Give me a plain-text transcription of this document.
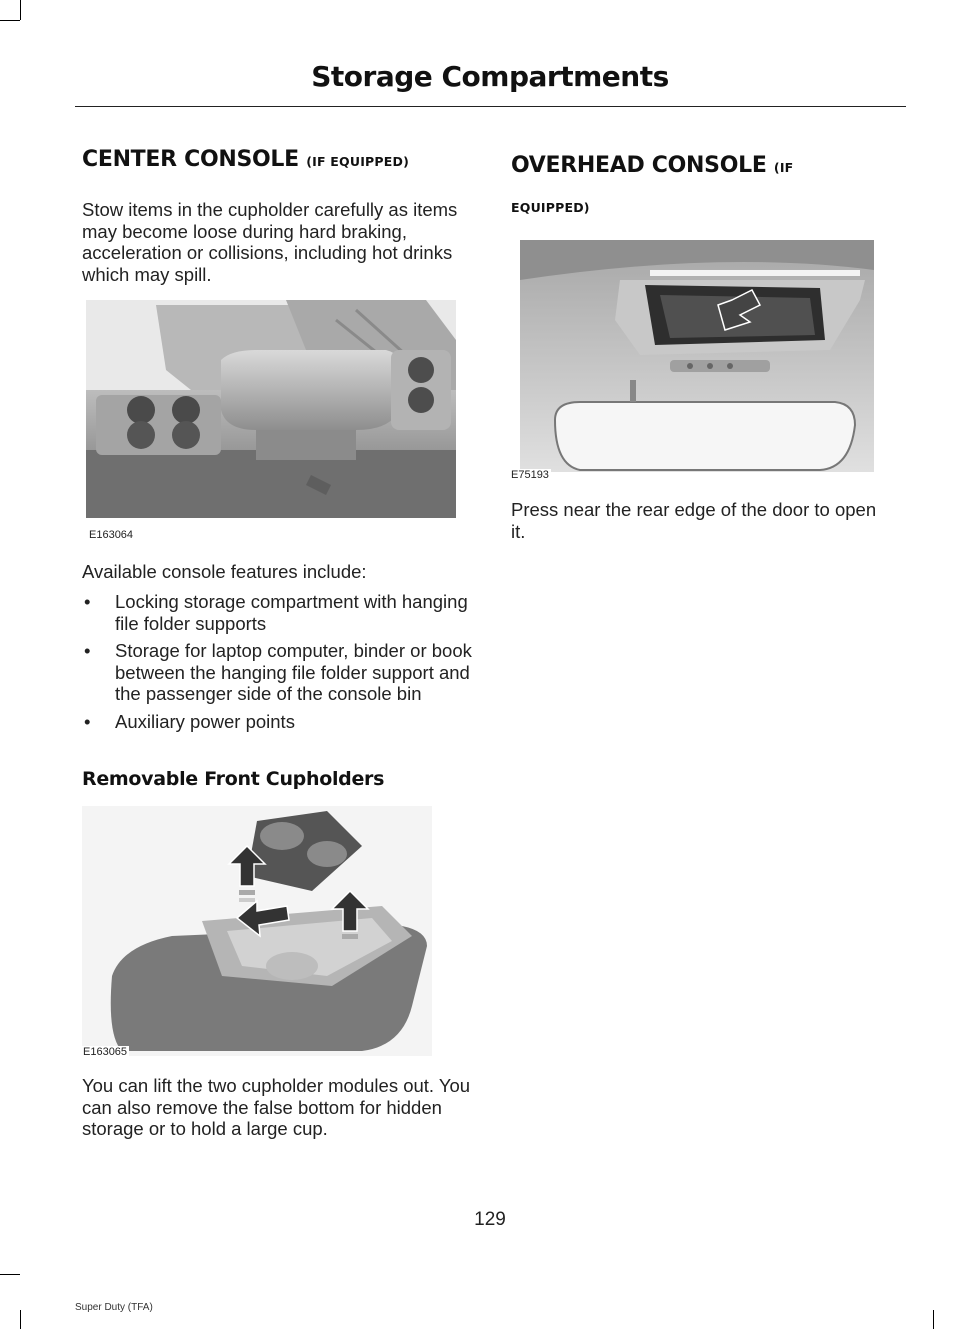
Storage Compartments
CENTER CONSOLE (IF EQUIPPED)
Stow items in the cupholder carefully as items may become loose during hard braking, acceleration or collisions, including hot drinks which may spill.
E163064
Available console features include:
• Locking storage compartment with hanging file folder supports
• Storage for laptop computer, binder or book between the hanging file folder support and the passenger side of the console bin
• Auxiliary power points
Removable Front Cupholders
E163065
You can lift the two cupholder modules out. You can also remove the false bottom for hidden storage or to hold a large cup.
OVERHEAD CONSOLE (IF
EQUIPPED)
E75193
Press near the rear edge of the door to open it.
129
Super Duty (TFA)
